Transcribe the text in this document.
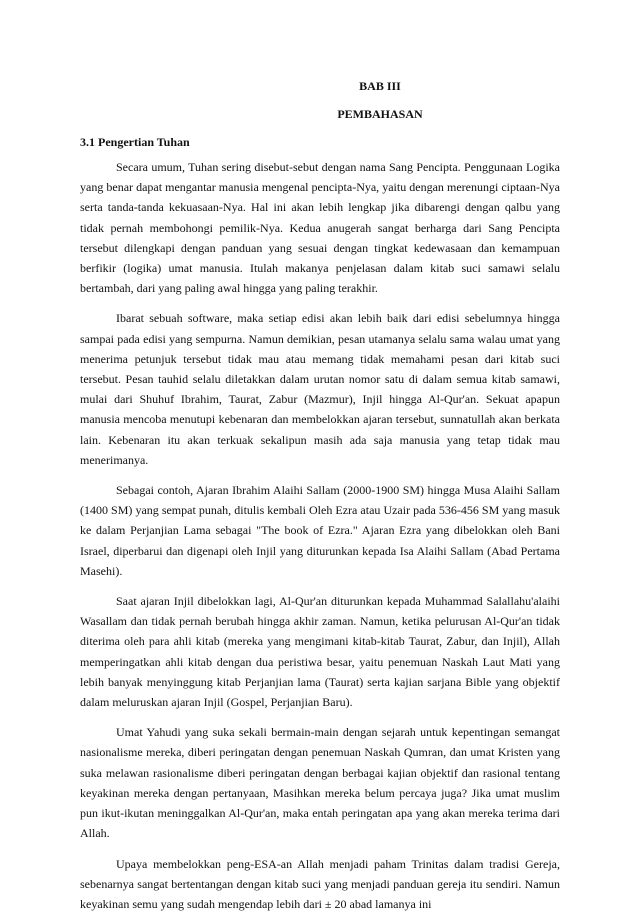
BAB III

PEMBAHASAN

3.1 Pengertian Tuhan

Secara umum, Tuhan sering disebut-sebut dengan nama Sang Pencipta. Penggunaan Logika yang benar dapat mengantar manusia mengenal pencipta-Nya, yaitu dengan merenungi ciptaan-Nya serta tanda-tanda kekuasaan-Nya. Hal ini akan lebih lengkap jika dibarengi dengan qalbu yang tidak pernah membohongi pemilik-Nya. Kedua anugerah sangat berharga dari Sang Pencipta tersebut dilengkapi dengan panduan yang sesuai dengan tingkat kedewasaan dan kemampuan berfikir (logika) umat manusia. Itulah makanya penjelasan dalam kitab suci samawi selalu bertambah, dari yang paling awal hingga yang paling terakhir.

Ibarat sebuah software, maka setiap edisi akan lebih baik dari edisi sebelumnya hingga sampai pada edisi yang sempurna. Namun demikian, pesan utamanya selalu sama walau umat yang menerima petunjuk tersebut tidak mau atau memang tidak memahami pesan dari kitab suci tersebut. Pesan tauhid selalu diletakkan dalam urutan nomor satu di dalam semua kitab samawi, mulai dari Shuhuf Ibrahim, Taurat, Zabur (Mazmur), Injil hingga Al-Qur'an. Sekuat apapun manusia mencoba menutupi kebenaran dan membelokkan ajaran tersebut, sunnatullah akan berkata lain. Kebenaran itu akan terkuak sekalipun masih ada saja manusia yang tetap tidak mau menerimanya.

Sebagai contoh, Ajaran Ibrahim Alaihi Sallam (2000-1900 SM) hingga Musa Alaihi Sallam (1400 SM) yang sempat punah, ditulis kembali Oleh Ezra atau Uzair pada 536-456 SM yang masuk ke dalam Perjanjian Lama sebagai "The book of Ezra." Ajaran Ezra yang dibelokkan oleh Bani Israel, diperbarui dan digenapi oleh Injil yang diturunkan kepada Isa Alaihi Sallam (Abad Pertama Masehi).

Saat ajaran Injil dibelokkan lagi, Al-Qur'an diturunkan kepada Muhammad Salallahu'alaihi Wasallam dan tidak pernah berubah hingga akhir zaman. Namun, ketika pelurusan Al-Qur'an tidak diterima oleh para ahli kitab (mereka yang mengimani kitab-kitab Taurat, Zabur, dan Injil), Allah memperingatkan ahli kitab dengan dua peristiwa besar, yaitu penemuan Naskah Laut Mati yang lebih banyak menyinggung kitab Perjanjian lama (Taurat) serta kajian sarjana Bible yang objektif dalam meluruskan ajaran Injil (Gospel, Perjanjian Baru).

Umat Yahudi yang suka sekali bermain-main dengan sejarah untuk kepentingan semangat nasionalisme mereka, diberi peringatan dengan penemuan Naskah Qumran, dan umat Kristen yang suka melawan rasionalisme diberi peringatan dengan berbagai kajian objektif dan rasional tentang keyakinan mereka dengan pertanyaan, Masihkan mereka belum percaya juga? Jika umat muslim pun ikut-ikutan meninggalkan Al-Qur'an, maka entah peringatan apa yang akan mereka terima dari Allah.

Upaya membelokkan peng-ESA-an Allah menjadi paham Trinitas dalam tradisi Gereja, sebenarnya sangat bertentangan dengan kitab suci yang menjadi panduan gereja itu sendiri. Namun keyakinan semu yang sudah mengendap lebih dari ± 20 abad lamanya ini
